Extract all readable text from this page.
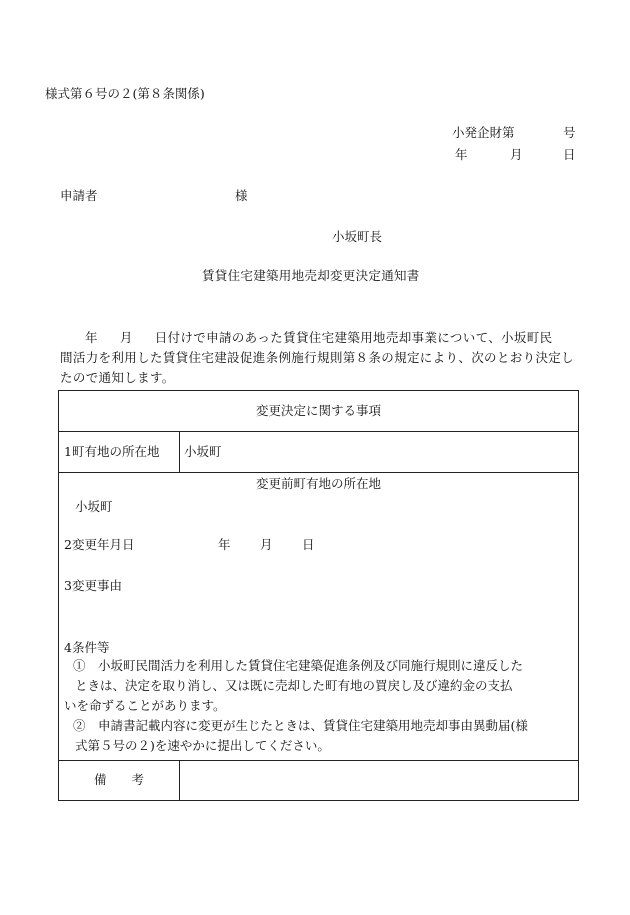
様式第６号の２(第８条関係)
小発企財第	号
年	月	日
申請者	様
小坂町長
賃貸住宅建築用地売却変更決定通知書
年 月 日付けで申請のあった賃貸住宅建築用地売却事業について、小坂町民
間活力を利用した賃貸住宅建設促進条例施行規則第８条の規定により、次のとおり決定し
たので通知します。
変更決定に関する事項
1町有地の所在地 小坂町
変更前町有地の所在地
小坂町
2変更年月日	年 月 日
3変更事由
4条件等
①　小坂町民間活力を利用した賃貸住宅建築促進条例及び同施行規則に違反した
ときは、決定を取り消し、又は既に売却した町有地の買戻し及び違約金の支払
いを命ずることがあります。
②　申請書記載内容に変更が生じたときは、賃貸住宅建築用地売却事由異動届(様
式第５号の２)を速やかに提出してください。
備　　考
